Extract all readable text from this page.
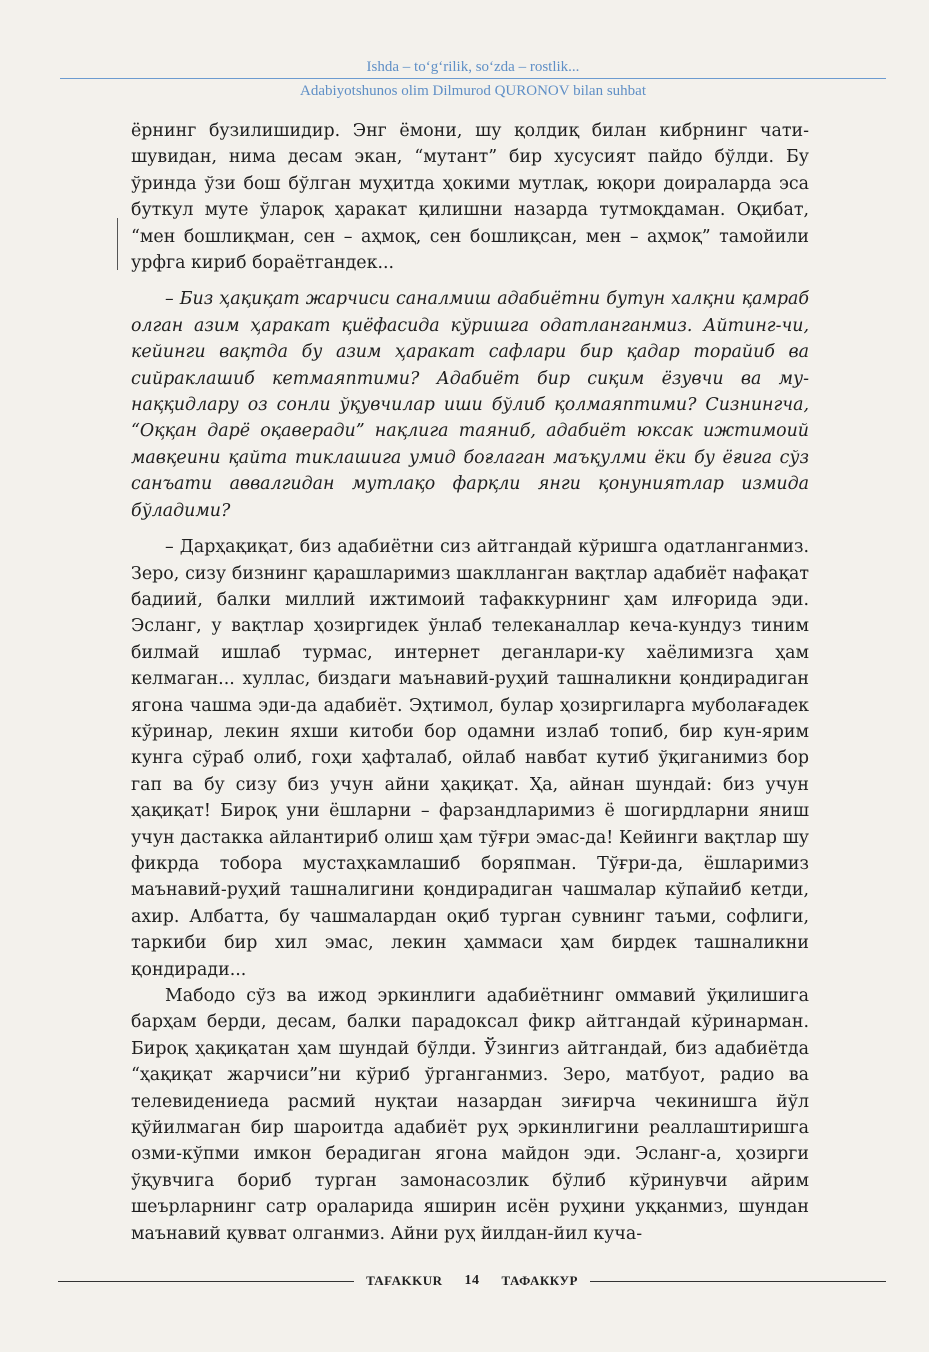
Ishda – to‘g‘rilik, so‘zda – rostlik...
Adabiyotshunos olim Dilmurod QURONOV bilan suhbat

ёрнинг бузилишидир. Энг ёмони, шу қолдиқ билан кибрнинг чатишувидан, нима десам экан, “мутант” бир хусусият пайдо бўлди. Бу ўринда ўзи бош бўлган муҳитда ҳокими мутлақ, юқори доираларда эса буткул муте ўлароқ ҳаракат қилишни назарда тутмоқдаман. Оқибат, “мен бошлиқман, сен – аҳмоқ, сен бошлиқсан, мен – аҳмоқ” тамойили урфга кириб бораётгандек...

– Биз ҳақиқат жарчиси саналмиш адабиётни бутун халқни қамраб олган азим ҳаракат қиёфасида кўришга одатланганмиз. Айтинг-чи, кейинги вақтда бу азим ҳаракат сафлари бир қадар торайиб ва сийраклашиб кетмаяптими? Адабиёт бир сиқим ёзувчи ва мунаққидлару оз сонли ўқувчилар иши бўлиб қолмаяптими? Сизнингча, “Оққан дарё оқаверади” нақлига таяниб, адабиёт юксак ижтимоий мавқеини қайта тиклашига умид боғлаган маъқулми ёки бу ёғига сўз санъати аввалгидан мутлақо фарқли янги қонуниятлар измида бўладими?

– Дарҳақиқат, биз адабиётни сиз айтгандай кўришга одатланганмиз. Зеро, сизу бизнинг қарашларимиз шаклланган вақтлар адабиёт нафақат бадиий, балки миллий ижтимоий тафаккурнинг ҳам илғорида эди. Эсланг, у вақтлар ҳозиргидек ўнлаб телеканаллар кеча-кундуз тиним билмай ишлаб турмас, интернет деганлари-ку хаёлимизга ҳам келмаган... хуллас, биздаги маънавий-руҳий ташналикни қондирадиган ягона чашма эди-да адабиёт. Эҳтимол, булар ҳозиргиларга муболағадек кўринар, лекин яхши китоби бор одамни излаб топиб, бир кун-ярим кунга сўраб олиб, гоҳи ҳафталаб, ойлаб навбат кутиб ўқиганимиз бор гап ва бу сизу биз учун айни ҳақиқат. Ҳа, айнан шундай: биз учун ҳақиқат! Бироқ уни ёшларни – фарзандларимиз ё шогирдларни яниш учун дастакка айлантириб олиш ҳам тўғри эмас-да! Кейинги вақтлар шу фикрда тобора мустаҳкамлашиб боряпман. Тўғри-да, ёшларимиз маънавий-руҳий ташналигини қондирадиган чашмалар кўпайиб кетди, ахир. Албатта, бу чашмалардан оқиб турган сувнинг таъми, софлиги, таркиби бир хил эмас, лекин ҳаммаси ҳам бирдек ташналикни қондиради...

Мабодо сўз ва ижод эркинлиги адабиётнинг оммавий ўқилишига барҳам берди, десам, балки парадоксал фикр айтгандай кўринарман. Бироқ ҳақиқатан ҳам шундай бўлди. Ўзингиз айтгандай, биз адабиётда “ҳақиқат жарчиси”ни кўриб ўрганганмиз. Зеро, матбуот, радио ва телевидениеда расмий нуқтаи назардан зиғирча чекинишга йўл қўйилмаган бир шароитда адабиёт руҳ эркинлигини реаллаштиришга озми-кўпми имкон берадиган ягона майдон эди. Эсланг-а, ҳозирги ўқувчига бориб турган замонасозлик бўлиб кўринувчи айрим шеърларнинг сатр ораларида яширин исён руҳини уққанмиз, шундан маънавий қувват олганмиз. Айни руҳ йилдан-йил куча-

TAFAKKUR 14 ТАФАККУР
